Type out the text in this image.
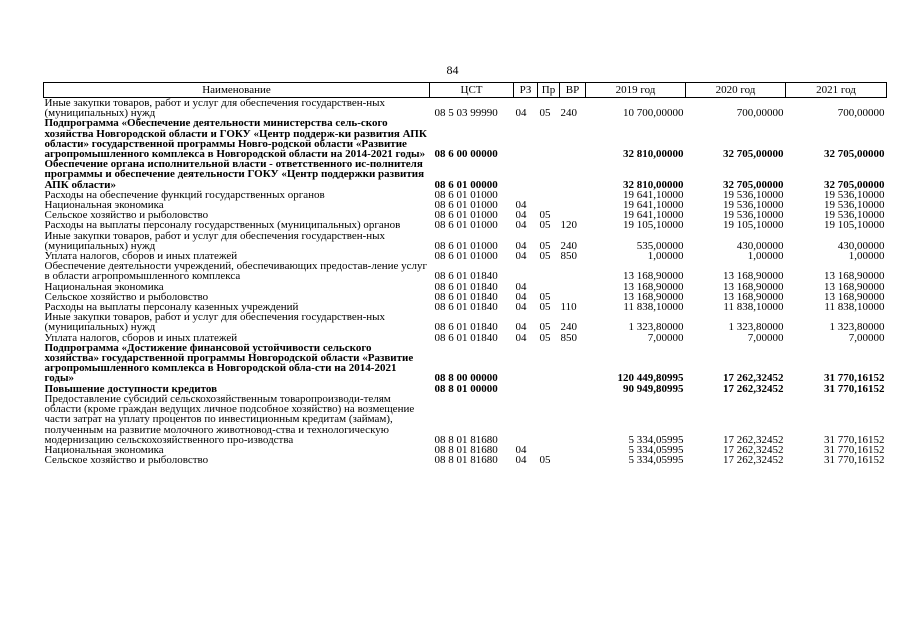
84
Наименование	ЦСТ	РЗ	Пр	ВР	2019 год	2020 год	2021 год
Иные закупки товаров, работ и услуг для обеспечения государствен-ных (муниципальных) нужд	08 5 03 99990	04	05	240	10 700,00000	700,00000	700,00000
Подпрограмма «Обеспечение деятельности министерства сель-ского хозяйства Новгородской области и ГОКУ «Центр поддерж-ки развития АПК области» государственной программы Новго-родской области «Развитие агропромышленного комплекса в Новгородской области на 2014-2021 годы»	08 6 00 00000				32 810,00000	32 705,00000	32 705,00000
Обеспечение органа исполнительной власти - ответственного ис-полнителя программы и обеспечение деятельности ГОКУ «Центр поддержки развития АПК области»	08 6 01 00000				32 810,00000	32 705,00000	32 705,00000
Расходы на обеспечение функций государственных органов	08 6 01 01000				19 641,10000	19 536,10000	19 536,10000
Национальная экономика	08 6 01 01000	04			19 641,10000	19 536,10000	19 536,10000
Сельское хозяйство и рыболовство	08 6 01 01000	04	05		19 641,10000	19 536,10000	19 536,10000
Расходы на выплаты персоналу государственных (муниципальных) органов	08 6 01 01000	04	05	120	19 105,10000	19 105,10000	19 105,10000
Иные закупки товаров, работ и услуг для обеспечения государствен-ных (муниципальных) нужд	08 6 01 01000	04	05	240	535,00000	430,00000	430,00000
Уплата налогов, сборов и иных платежей	08 6 01 01000	04	05	850	1,00000	1,00000	1,00000
Обеспечение деятельности учреждений, обеспечивающих предостав-ление услуг в области агропромышленного комплекса	08 6 01 01840				13 168,90000	13 168,90000	13 168,90000
Национальная экономика	08 6 01 01840	04			13 168,90000	13 168,90000	13 168,90000
Сельское хозяйство и рыболовство	08 6 01 01840	04	05		13 168,90000	13 168,90000	13 168,90000
Расходы на выплаты персоналу казенных учреждений	08 6 01 01840	04	05	110	11 838,10000	11 838,10000	11 838,10000
Иные закупки товаров, работ и услуг для обеспечения государствен-ных (муниципальных) нужд	08 6 01 01840	04	05	240	1 323,80000	1 323,80000	1 323,80000
Уплата налогов, сборов и иных платежей	08 6 01 01840	04	05	850	7,00000	7,00000	7,00000
Подпрограмма «Достижение финансовой устойчивости сельского хозяйства» государственной программы Новгородской области «Развитие агропромышленного комплекса в Новгородской обла-сти на 2014-2021 годы»	08 8 00 00000				120 449,80995	17 262,32452	31 770,16152
Повышение доступности кредитов	08 8 01 00000				90 949,80995	17 262,32452	31 770,16152
Предоставление субсидий сельскохозяйственным товаропроизводи-телям области (кроме граждан ведущих личное подсобное хозяйство) на возмещение части затрат на уплату процентов по инвестиционным кредитам (займам), полученным на развитие молочного животновод-ства и технологическую модернизацию сельскохозяйственного про-изводства	08 8 01 81680				5 334,05995	17 262,32452	31 770,16152
Национальная экономика	08 8 01 81680	04			5 334,05995	17 262,32452	31 770,16152
Сельское хозяйство и рыболовство	08 8 01 81680	04	05		5 334,05995	17 262,32452	31 770,16152
